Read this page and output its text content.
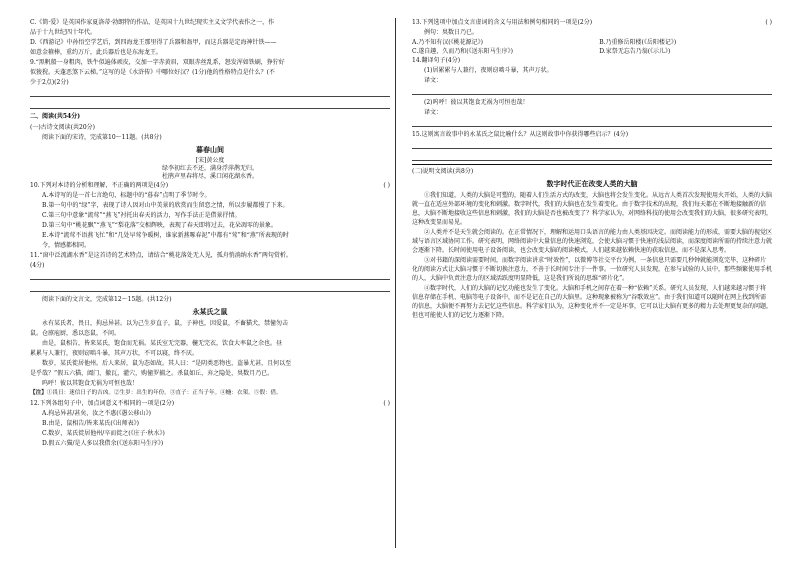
C.《简·爱》是英国作家夏洛蒂·勃朗特的作品，是英国十九世纪现实主义文学代表作之一，作

品于十九世纪四十年代。

D.《西游记》中孙悟空学艺后，到四海龙王那里得了兵器和盔甲，而这兵器是定海神针铁——

如意金箍棒，重约万斤，此兵器后也是东海龙王。

9.“黑帆船一身粗肉，铁牛似遍体顽皮，交加一字赤黄眉，双眼赤丝乱系，怒发浑如铁刷，狰狞好

似狻猊。天蓬恶煞下云梯。”这写的是《水浒传》中哪位好汉？(1分)他的性格特点是什么？(不

少于2点)(2分)

二、阅读(共54分)

(一)古诗文阅读(共20分)

阅读下面的宋诗，完成第10～11题。(共8分)

暮春山间

[宋]黄公度

绿李初红去不还，满身浮萍鹊无归。

杜鹃声里春将尽，溪口闲花湖水香。

10.下列对本诗的分析和理解，不正确的两项是(4分)	( )

A.本诗写的是一首七言绝句，标题中的“暮春”点明了季节时令。

B.第一句中的“绿”字，表现了诗人因对山中美景的欣赏而生留恋之情，所以步履都慢了下来。

C.第三句中意象“流莺”“燕飞”衬托出春天的活力，写作手法正是借景抒情。

D.第三句中“桃花飘”“燕飞”“梨花落”交相辉映，表现了春天即将过去，花朵凋零的景象。

E.本诗“流莺不语燕飞忙”和“几处早莺争暖树，谁家新燕啄春泥”中都有“莺”和“燕”所表现的时

令，情感都相同。

11.“窗中泛流湖水香”是这首诗的艺术特点，请结合“桃花落处无人见，孤舟悄淌纳水香”两句赏析。

(4分)

阅读下面的文言文，完成第12～15题。(共12分)

永某氏之鼠

永有某氏者，畏日，拘忌异甚。以为己生岁直子，鼠，子神也，因爱鼠，不畜猫犬，禁僮勿击

鼠。仓廪庖厨，悉以恣鼠，不问。

由是，鼠相告，皆来某氏，饱食而无祸。某氏室无完器，椸无完衣，饮食大率鼠之余也。昼

累累与人兼行，夜则窃啮斗暴，其声万状，不可以寝，终不厌。

数岁，某氏徙居他州。后人来居，鼠为态如故。其人曰：“是阴类恶物也，盗暴尤甚，且何以至

是乎哉？”假五六猫，阖门，撤瓦，灌穴，购僮罗捕之。杀鼠如丘，弃之隐处，臭数月乃已。

呜呼！彼以其饱食无祸为可恒也哉！

【注】①畏日：迷信日子的吉凶。②生岁：出生的年份。③直子：正当子年。④椸：衣架。⑤假：借。

12.下列各组句子中，加点词意义不相同的一项是(2分)	( )

A.拘忌异甚/甚矣，汝之不惠(《愚公移山》)

B.由是，鼠相告/皆来某氏(《出师表》)

C.数岁，某氏徙居他州/卒而徙之(《庄子·秋水》)

D.假五六猫/是人多以我借余(《送东阳马生序》)

13.下列选项中加点文言虚词的含义与用法和例句相同的一项是(2分)	( )

例句：臭数日乃已。

A.乃不知有汉(《桃花源记》)	B.乃重修岳阳楼(《岳阳楼记》)
C.遂自趣，久而乃和(《送东阳马生序》)	D.家祭无忘告乃翁(《示儿》)

14.翻译句子(4分)

(1)居累累与人兼行，夜则窃啮斗暴，其声万状。

译文：

(2)呜呼！彼以其饱食无祸为可恒也哉！

译文：

15.这则寓言故事中的永某氏之鼠比喻什么？从这则故事中你获得哪些启示？(4分)

(二)说明文阅读(共8分)

数字时代正在改变人类的大脑

①我们知道，人类的大脑是可塑的，随着人们生活方式的改变，大脑也将会发生变化。从远古人类首次发现使用火开始，人类的大脑就一直在适应外部环境的变化和刺激。数字时代，我们的大脑也在发生着变化。由于数字技术的出现，我们每天都在不断地接触新的信息，大脑不断地接收这些信息和刺激，我们的大脑是否也被改变了？科学家认为，对网络科技的使用会改变我们的大脑，很多研究表明，这种改变显而易见。

②人类并不是天生就会阅读的。在正常情况下，理解和运用口头语言的能力由人类基因决定。而阅读能力的形成，需要大脑的视觉区域与语言区域协同工作。研究表明，网络阅读中大量信息的快速浏览，会使大脑习惯于快速的浅层阅读，而深度阅读所需的持续注意力就会逐渐下降。长时间使用电子设备阅读，也会改变大脑的阅读模式，人们越来越依赖快速的获取信息，而不是深入思考。

③对书籍的深阅读需要时间，而数字阅读讲求“时效性”，以微博等社交平台为例，一条信息只需要几秒钟就能浏览完毕，这种碎片化的阅读方式让大脑习惯于不断切换注意力，不善于长时间专注于一件事。一位研究人员发现，在参与试验的人员中，那些频繁使用手机的人，大脑中负责注意力的区域活跃度明显降低，这是我们所说的思维“碎片化”。

④数字时代，人们的大脑的记忆功能也发生了变化。大脑和手机之间存在着一种“依赖”关系。研究人员发现，人们越来越习惯于将信息存储在手机、电脑等电子设备中，而不是记在自己的大脑里。这种现象被称为“谷歌效应”。由于我们知道可以随时在网上找到所需的信息，大脑便不再努力去记忆这些信息。科学家们认为，这种变化并不一定是坏事，它可以让大脑有更多的精力去处理更复杂的问题，但也可能使人们的记忆力逐渐下降。
